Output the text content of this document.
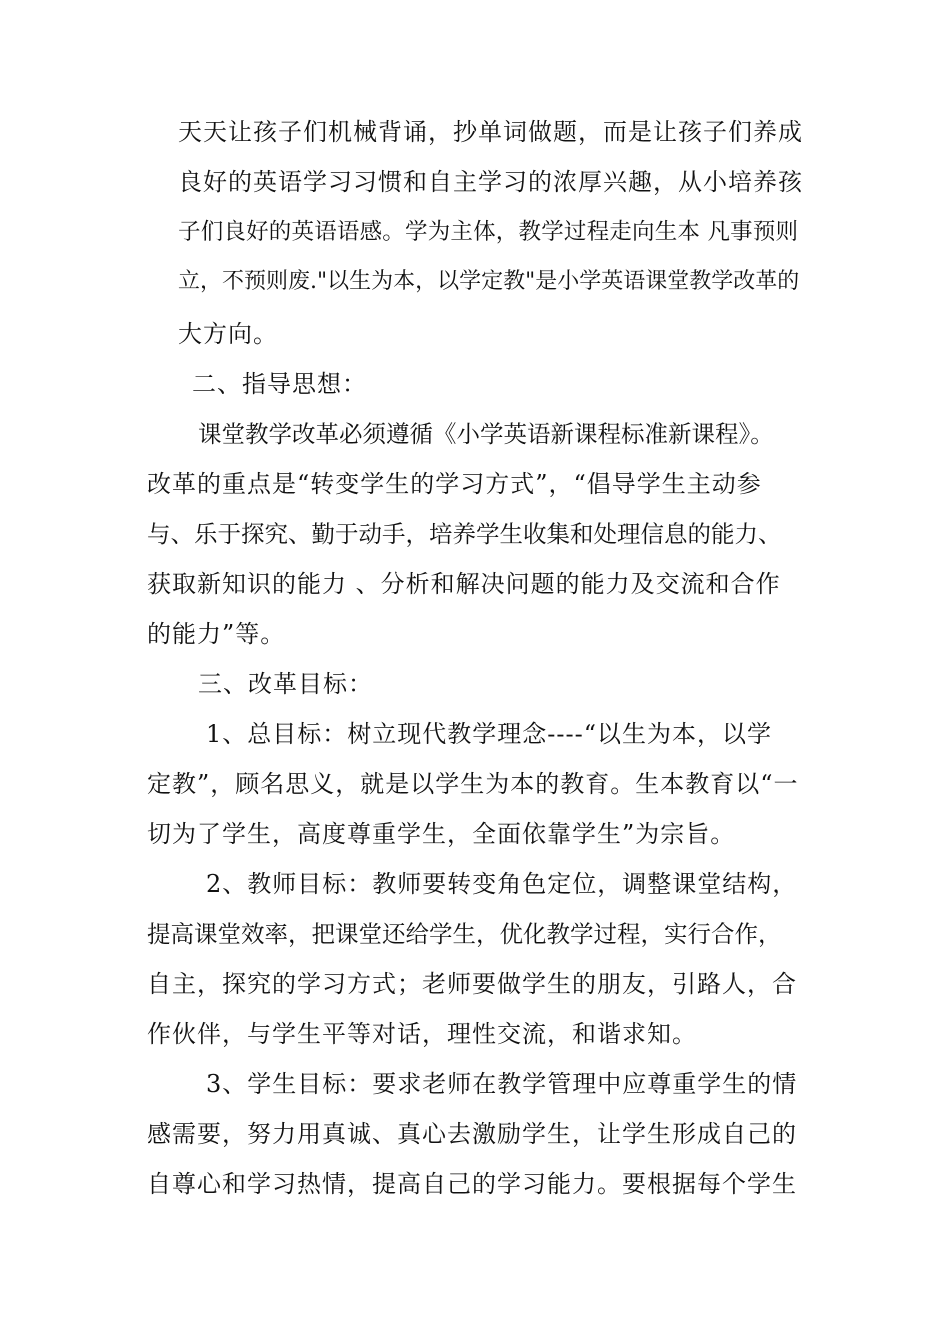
天天让孩子们机械背诵，抄单词做题，而是让孩子们养成
良好的英语学习习惯和自主学习的浓厚兴趣，从小培养孩
子们良好的英语语感。学为主体，教学过程走向生本 凡事预则
立，不预则废."以生为本，以学定教"是小学英语课堂教学改革的
大方向。
二、指导思想：
课堂教学改革必须遵循《小学英语新课程标准新课程》。
改革的重点是“转变学生的学习方式”，“倡导学生主动参
与、乐于探究、勤于动手，培养学生收集和处理信息的能力、
获取新知识的能力 、分析和解决问题的能力及交流和合作
的能力”等。
三、改革目标：
1、总目标：树立现代教学理念----“以生为本，以学
定教”，顾名思义，就是以学生为本的教育。生本教育以“一
切为了学生，高度尊重学生，全面依靠学生”为宗旨。
2、教师目标：教师要转变角色定位，调整课堂结构，
提高课堂效率，把课堂还给学生，优化教学过程，实行合作，
自主，探究的学习方式；老师要做学生的朋友，引路人，合
作伙伴，与学生平等对话，理性交流，和谐求知。
3、学生目标：要求老师在教学管理中应尊重学生的情
感需要，努力用真诚、真心去激励学生，让学生形成自己的
自尊心和学习热情，提高自己的学习能力。要根据每个学生
